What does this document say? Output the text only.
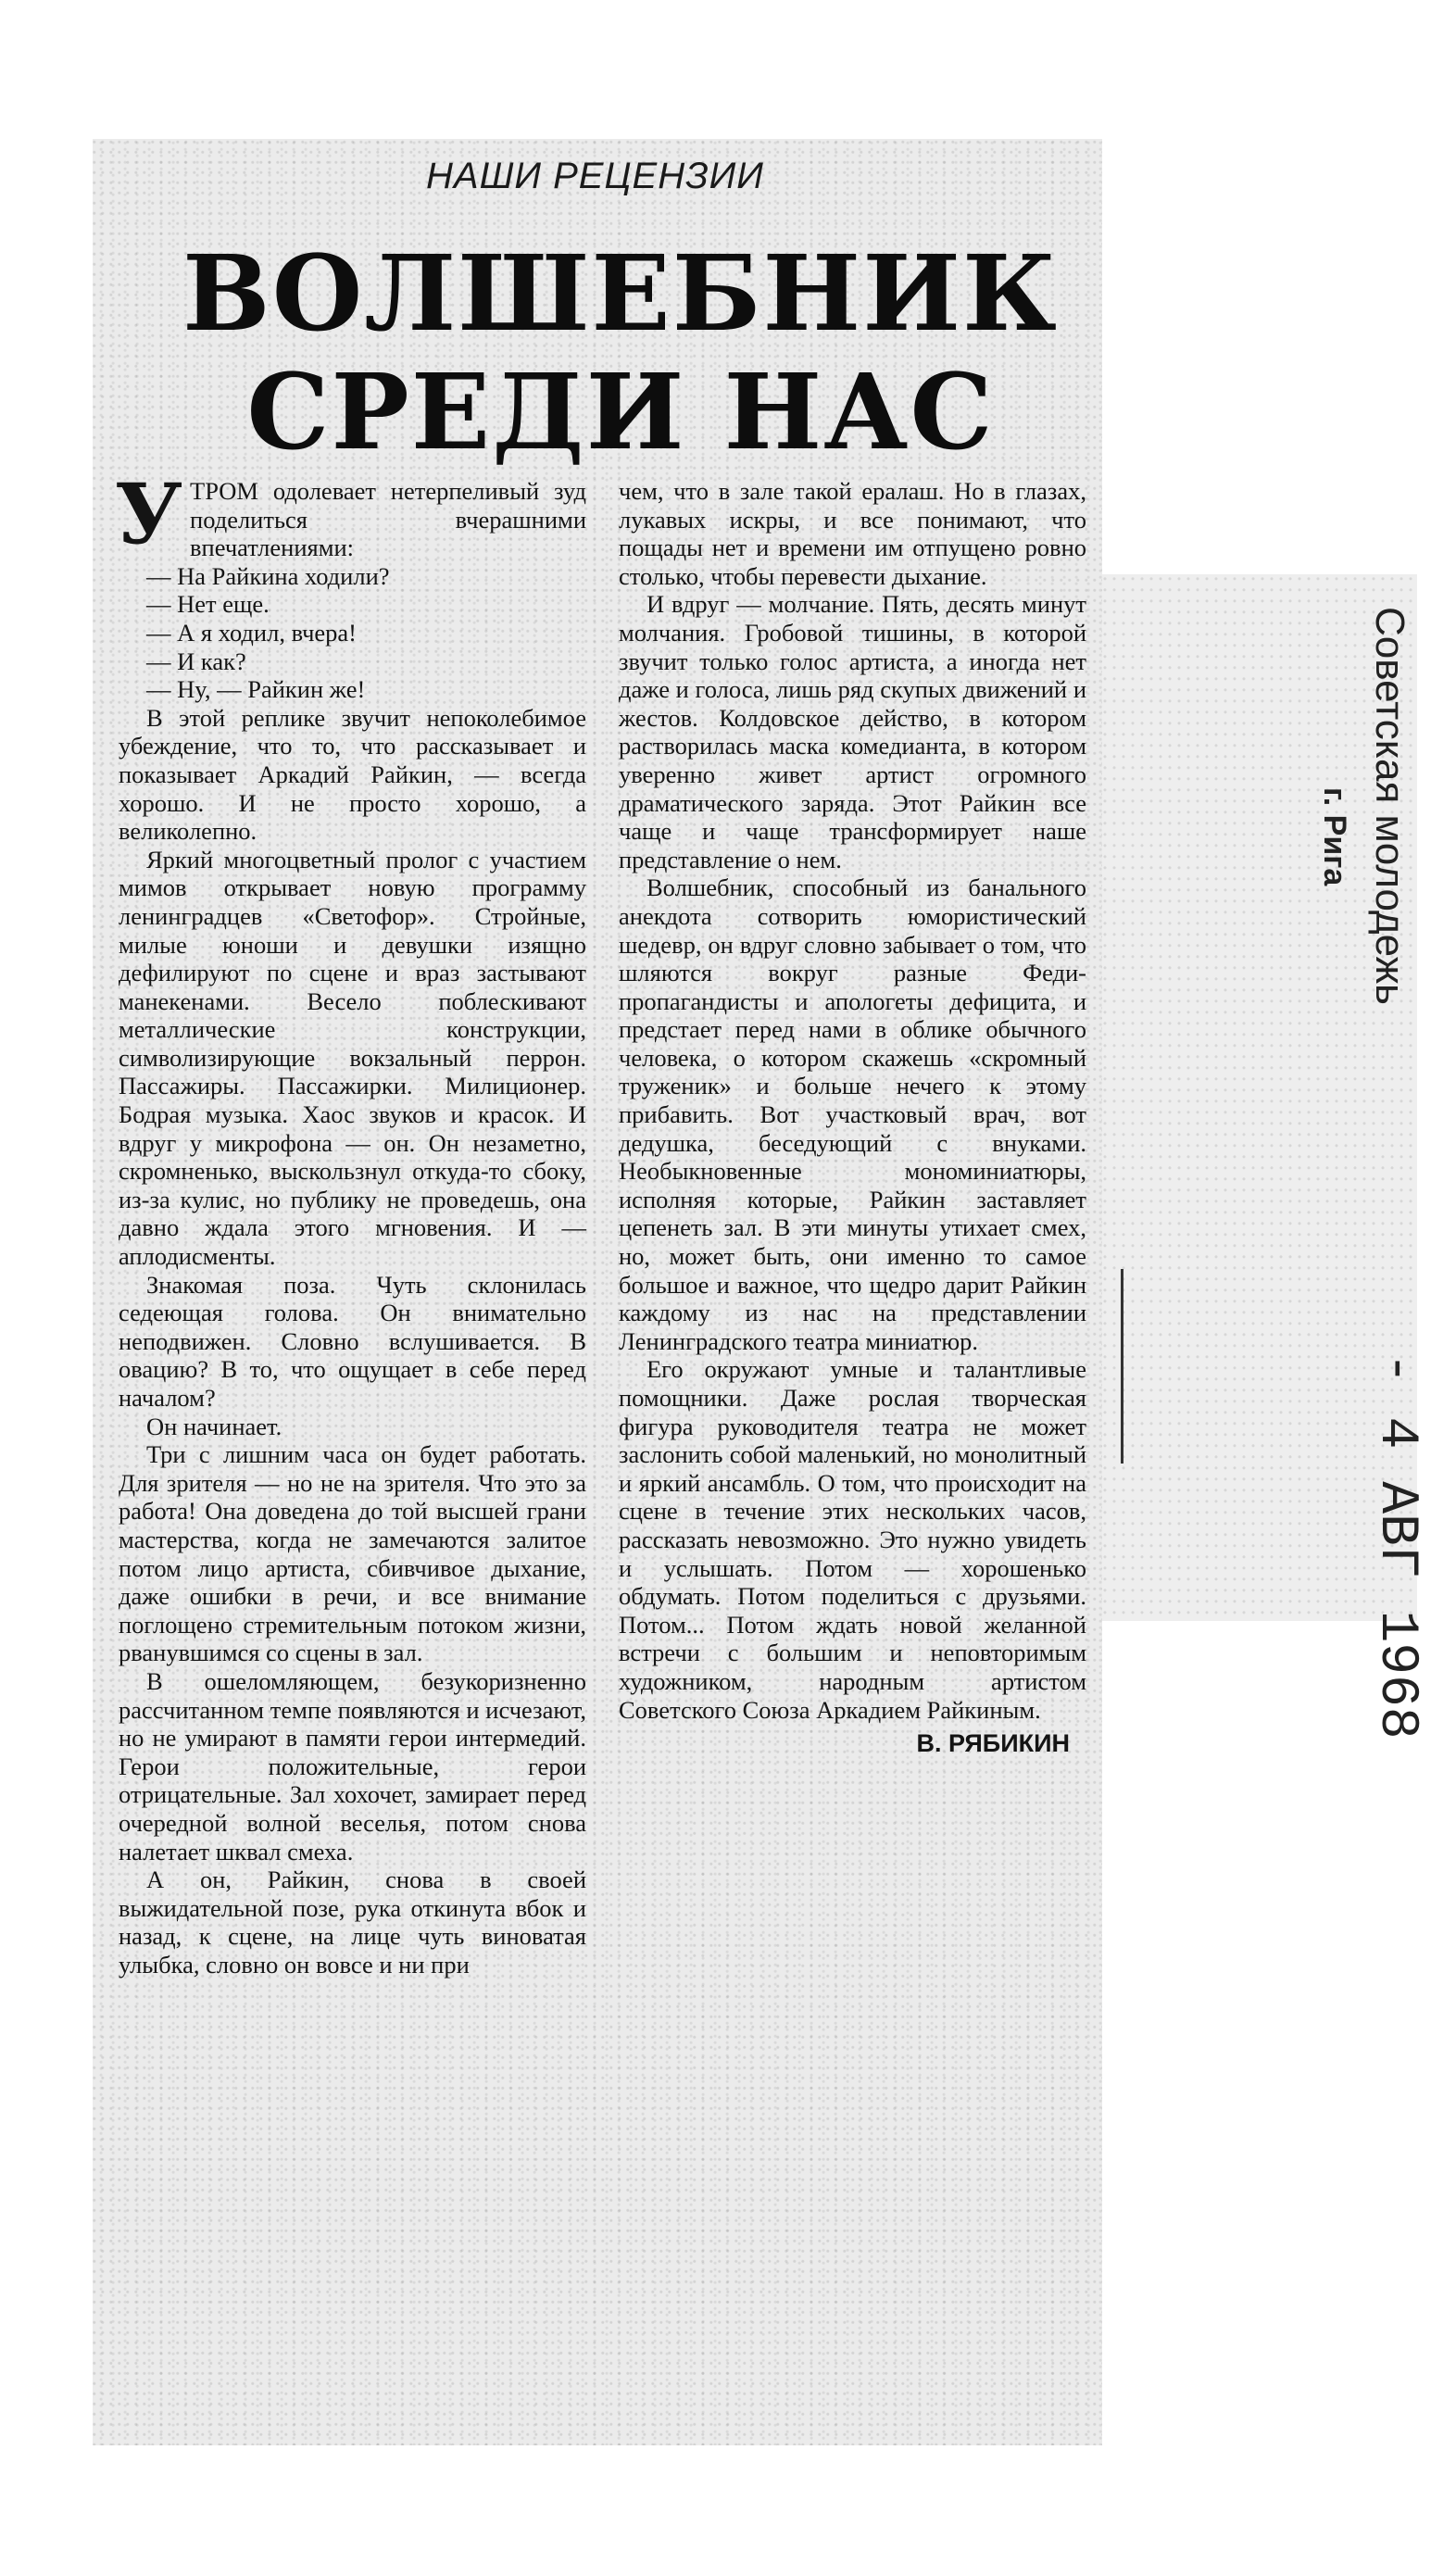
НАШИ РЕЦЕНЗИИ
ВОЛШЕБНИК
СРЕДИ НАС

УТРОМ одолевает нетерпеливый зуд поделиться вчерашними впечатлениями:

— На Райкина ходили?

— Нет еще.

— А я ходил, вчера!

— И как?

— Ну, — Райкин же!

В этой реплике звучит непоколебимое убеждение, что то, что рассказывает и показывает Аркадий Райкин, — всегда хорошо. И не просто хорошо, а великолепно.

Яркий многоцветный пролог с участием мимов открывает новую программу ленинградцев «Светофор». Стройные, милые юноши и девушки изящно дефилируют по сцене и враз застывают манекенами. Весело поблескивают металлические конструкции, символизирующие вокзальный перрон. Пассажиры. Пассажирки. Милиционер. Бодрая музыка. Хаос звуков и красок. И вдруг у микрофона — он. Он незаметно, скромненько, выскользнул откуда-то сбоку, из-за кулис, но публику не проведешь, она давно ждала этого мгновения. И — аплодисменты.

Знакомая поза. Чуть склонилась седеющая голова. Он внимательно неподвижен. Словно вслушивается. В овацию? В то, что ощущает в себе перед началом?

Он начинает.

Три с лишним часа он будет работать. Для зрителя — но не на зрителя. Что это за работа! Она доведена до той высшей грани мастерства, когда не замечаются залитое потом лицо артиста, сбивчивое дыхание, даже ошибки в речи, и все внимание поглощено стремительным потоком жизни, рванувшимся со сцены в зал.

В ошеломляющем, безукоризненно рассчитанном темпе появляются и исчезают, но не умирают в памяти герои интермедий. Герои положительные, герои отрицательные. Зал хохочет, замирает перед очередной волной веселья, потом снова налетает шквал смеха.

А он, Райкин, снова в своей выжидательной позе, рука откинута вбок и назад, к сцене, на лице чуть виноватая улыбка, словно он вовсе и ни при

чем, что в зале такой ералаш. Но в глазах, лукавых искры, и все понимают, что пощады нет и времени им отпущено ровно столько, чтобы перевести дыхание.

И вдруг — молчание. Пять, десять минут молчания. Гробовой тишины, в которой звучит только голос артиста, а иногда нет даже и голоса, лишь ряд скупых движений и жестов. Колдовское действо, в котором растворилась маска комедианта, в котором уверенно живет артист огромного драматического заряда. Этот Райкин все чаще и чаще трансформирует наше представление о нем.

Волшебник, способный из банального анекдота сотворить юмористический шедевр, он вдруг словно забывает о том, что шляются вокруг разные Феди-пропагандисты и апологеты дефицита, и предстает перед нами в облике обычного человека, о котором скажешь «скромный труженик» и больше нечего к этому прибавить. Вот участковый врач, вот дедушка, беседующий с внуками. Необыкновенные мономиниатюры, исполняя которые, Райкин заставляет цепенеть зал. В эти минуты утихает смех, но, может быть, они именно то самое большое и важное, что щедро дарит Райкин каждому из нас на представлении Ленинградского театра миниатюр.

Его окружают умные и талантливые помощники. Даже рослая творческая фигура руководителя театра не может заслонить собой маленький, но монолитный и яркий ансамбль. О том, что происходит на сцене в течение этих нескольких часов, рассказать невозможно. Это нужно увидеть и услышать. Потом — хорошенько обдумать. Потом поделиться с друзьями. Потом... Потом ждать новой желанной встречи с большим и неповторимым художником, народным артистом Советского Союза Аркадием Райкиным.

В. РЯБИКИН
Советская молодежь
г. Рига
- 4 АВГ 1968
